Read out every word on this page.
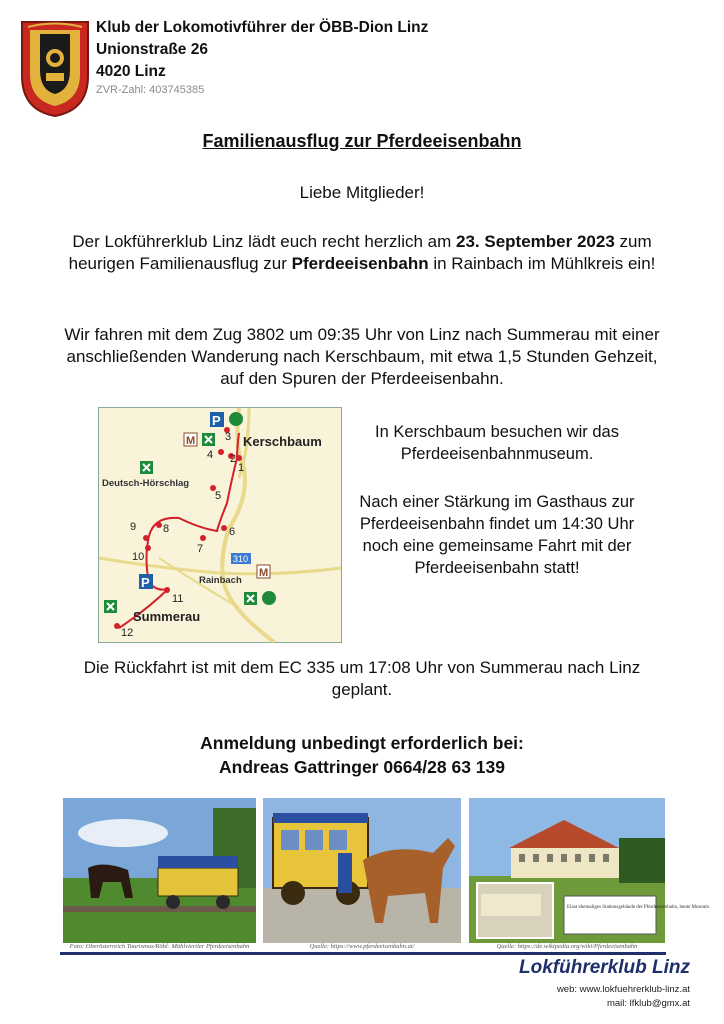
Klub der Lokomotivführer der ÖBB-Dion Linz
Unionstraße 26
4020 Linz
ZVR-Zahl: 403745385
Familienausflug zur Pferdeeisenbahn
Liebe Mitglieder!
Der Lokführerklub Linz lädt euch recht herzlich am 23. September 2023 zum heurigen Familienausflug zur Pferdeeisenbahn in Rainbach im Mühlkreis ein!
Wir fahren mit dem Zug 3802 um 09:35 Uhr von Linz nach Summerau mit einer anschließenden Wanderung nach Kerschbaum, mit etwa 1,5 Stunden Gehzeit, auf den Spuren der Pferdeeisenbahn.
1
2
3
4
5
6
7
8
9
10
11
12
Kerschbaum
Deutsch-Hörschlag
Rainbach
Summerau
P
P
M
M
310
In Kerschbaum besuchen wir das Pferdeeisenbahnmuseum.
Nach einer Stärkung im Gasthaus zur Pferdeeisenbahn findet um 14:30 Uhr noch eine gemeinsame Fahrt mit der Pferdeeisenbahn statt!
Die Rückfahrt ist mit dem EC 335 um 17:08 Uhr von Summerau nach Linz geplant.
Anmeldung unbedingt erforderlich bei:
Andreas Gattringer 0664/28 63 139
Einst ehemaliges Stationsgebäude der Pferdeeisenbahn, heute Museum
Foto: Oberösterreich Tourismus/Röbl: Mühlviertler Pferdeeisenbahn	Quelle: https://www.pferdeeisenbahn.at/	Quelle: https://de.wikipedia.org/wiki/Pferdeeisenbahn
Lokführerklub Linz
web: www.lokfuehrerklub-linz.at
mail: lfklub@gmx.at
